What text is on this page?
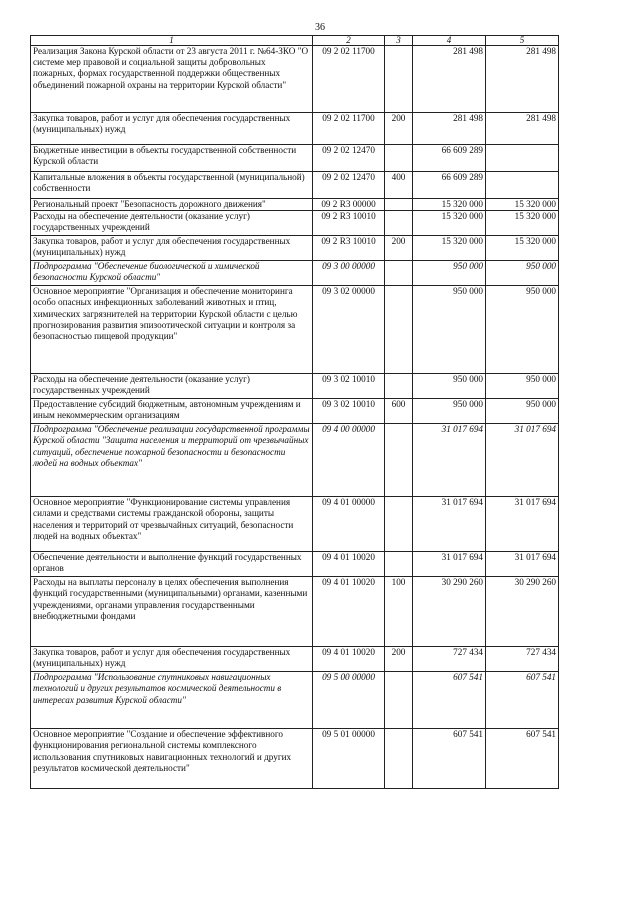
36
1	2	3	4	5
Реализация Закона Курской области от 23 августа 2011 г. №64-ЗКО "О системе мер правовой и социальной защиты добровольных пожарных, формах государственной поддержки общественных объединений пожарной охраны на территории Курской области"	09 2 02 11700		281 498	281 498
Закупка товаров, работ и услуг для обеспечения государственных (муниципальных) нужд	09 2 02 11700	200	281 498	281 498
Бюджетные инвестиции в объекты государственной собственности Курской области	09 2 02 12470		66 609 289	
Капитальные вложения в объекты государственной (муниципальной) собственности	09 2 02 12470	400	66 609 289	
Региональный проект "Безопасность дорожного движения"	09 2 R3 00000		15 320 000	15 320 000
Расходы на обеспечение деятельности (оказание услуг) государственных учреждений	09 2 R3 10010		15 320 000	15 320 000
Закупка товаров, работ и услуг для обеспечения государственных (муниципальных) нужд	09 2 R3 10010	200	15 320 000	15 320 000
Подпрограмма "Обеспечение биологической и химической безопасности Курской области"	09 3 00 00000		950 000	950 000
Основное мероприятие "Организация и обеспечение мониторинга особо опасных инфекционных заболеваний животных и птиц, химических загрязнителей на территории Курской области с целью прогнозирования развития эпизоотической ситуации и контроля за безопасностью пищевой продукции"	09 3 02 00000		950 000	950 000
Расходы на обеспечение деятельности (оказание услуг) государственных учреждений	09 3 02 10010		950 000	950 000
Предоставление субсидий бюджетным, автономным учреждениям и иным некоммерческим организациям	09 3 02 10010	600	950 000	950 000
Подпрограмма "Обеспечение реализации государственной программы Курской области "Защита населения и территорий от чрезвычайных ситуаций, обеспечение пожарной безопасности и безопасности людей на водных объектах"	09 4 00 00000		31 017 694	31 017 694
Основное мероприятие "Функционирование системы управления силами и средствами системы гражданской обороны, защиты населения и территорий от чрезвычайных ситуаций, безопасности людей на водных объектах"	09 4 01 00000		31 017 694	31 017 694
Обеспечение деятельности и выполнение функций государственных органов	09 4 01 10020		31 017 694	31 017 694
Расходы на выплаты персоналу в целях обеспечения выполнения функций государственными (муниципальными) органами, казенными учреждениями, органами управления государственными внебюджетными фондами	09 4 01 10020	100	30 290 260	30 290 260
Закупка товаров, работ и услуг для обеспечения государственных (муниципальных) нужд	09 4 01 10020	200	727 434	727 434
Подпрограмма "Использование спутниковых навигационных технологий и других результатов космической деятельности в интересах развития Курской области"	09 5 00 00000		607 541	607 541
Основное мероприятие "Создание и обеспечение эффективного функционирования региональной системы комплексного использования спутниковых навигационных технологий и других результатов космической деятельности"	09 5 01 00000		607 541	607 541
